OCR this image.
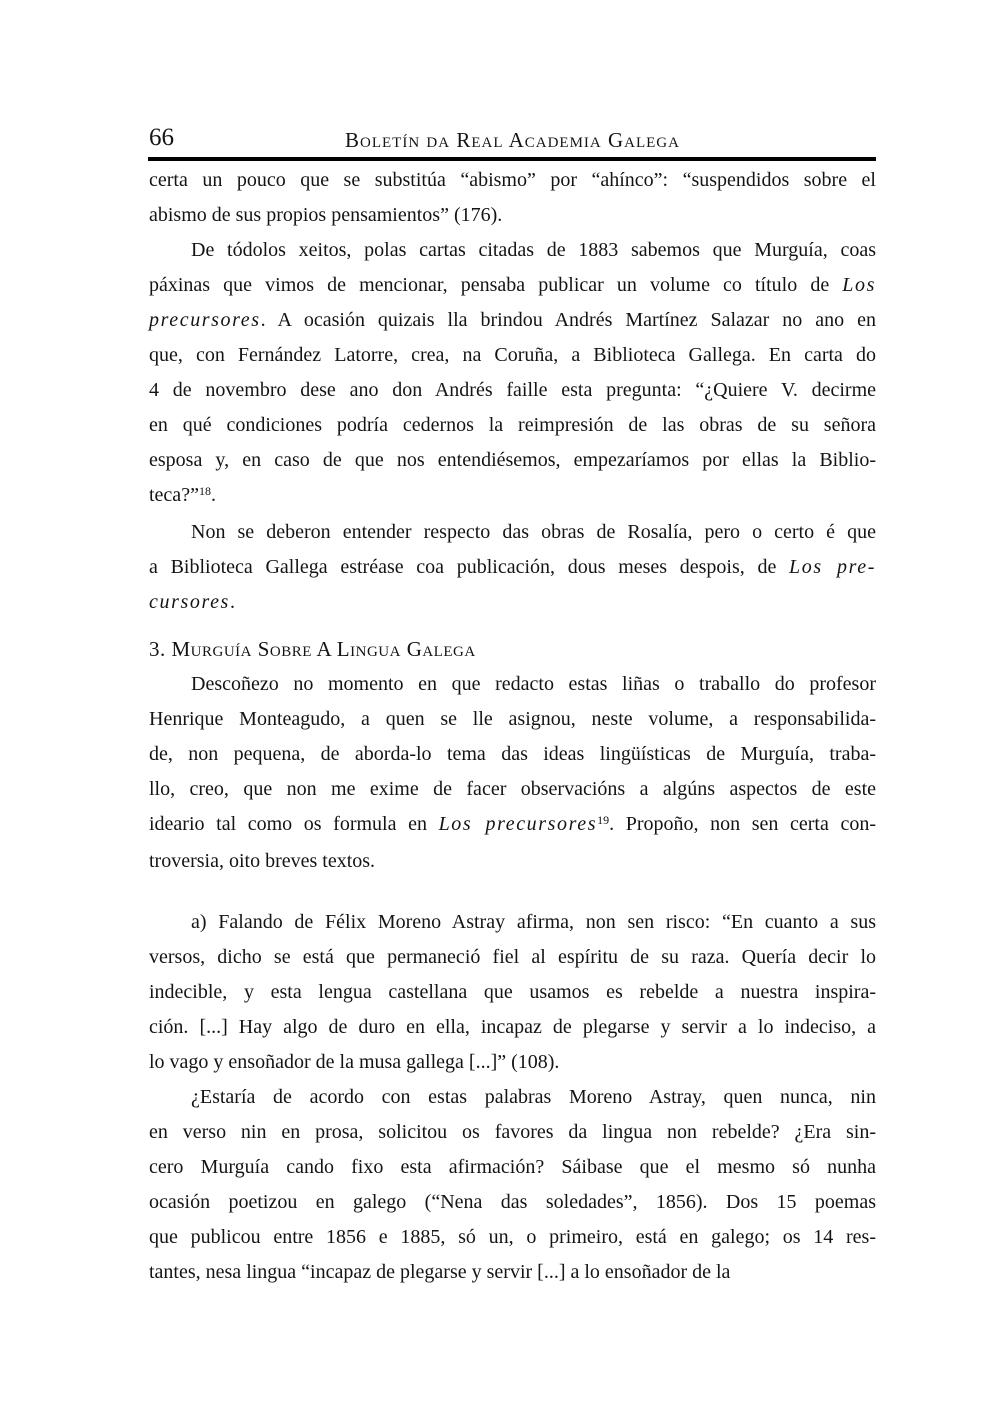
66	Boletín da Real Academia Galega
certa un pouco que se substitúa “abismo” por “ahínco”: “suspendidos sobre el
abismo de sus propios pensamientos” (176).
De tódolos xeitos, polas cartas citadas de 1883 sabemos que Murguía, coas
páxinas que vimos de mencionar, pensaba publicar un volume co título de Los
precursores. A ocasión quizais lla brindou Andrés Martínez Salazar no ano en
que, con Fernández Latorre, crea, na Coruña, a Biblioteca Gallega. En carta do
4 de novembro dese ano don Andrés faille esta pregunta: “¿Quiere V. decirme
en qué condiciones podría cedernos la reimpresión de las obras de su señora
esposa y, en caso de que nos entendiésemos, empezaríamos por ellas la Biblio-
teca?”$^{18}$.
Non se deberon entender respecto das obras de Rosalía, pero o certo é que
a Biblioteca Gallega estréase coa publicación, dous meses despois, de Los pre-
cursores.
3. Murguía Sobre A Lingua Galega
Descoñezo no momento en que redacto estas liñas o traballo do profesor
Henrique Monteagudo, a quen se lle asignou, neste volume, a responsabilida-
de, non pequena, de aborda-lo tema das ideas lingüísticas de Murguía, traba-
llo, creo, que non me exime de facer observacións a algúns aspectos de este
ideario tal como os formula en Los precursores$^{19}$. Propoño, non sen certa con-
troversia, oito breves textos.
a) Falando de Félix Moreno Astray afirma, non sen risco: “En cuanto a sus
versos, dicho se está que permaneció fiel al espíritu de su raza. Quería decir lo
indecible, y esta lengua castellana que usamos es rebelde a nuestra inspira-
ción. [...] Hay algo de duro en ella, incapaz de plegarse y servir a lo indeciso, a
lo vago y ensoñador de la musa gallega [...]” (108).
¿Estaría de acordo con estas palabras Moreno Astray, quen nunca, nin
en verso nin en prosa, solicitou os favores da lingua non rebelde? ¿Era sin-
cero Murguía cando fixo esta afirmación? Sáibase que el mesmo só nunha
ocasión poetizou en galego (“Nena das soledades”, 1856). Dos 15 poemas
que publicou entre 1856 e 1885, só un, o primeiro, está en galego; os 14 res-
tantes, nesa lingua “incapaz de plegarse y servir [...] a lo ensoñador de la
